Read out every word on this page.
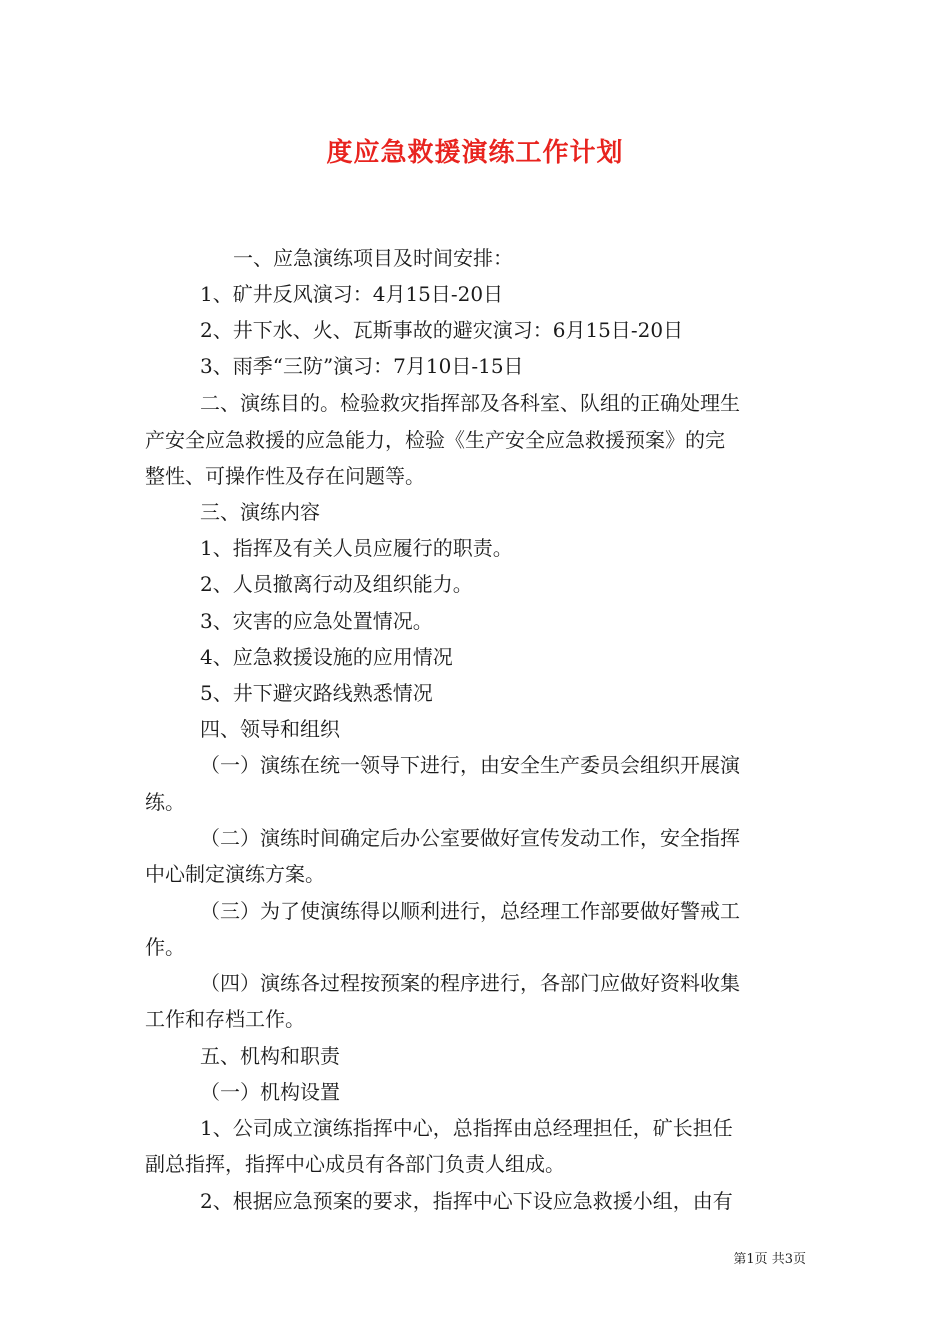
度应急救援演练工作计划
一、应急演练项目及时间安排：
1、矿井反风演习：4月15日-20日
2、井下水、火、瓦斯事故的避灾演习：6月15日-20日
3、雨季“三防”演习：7月10日-15日
二、演练目的。检验救灾指挥部及各科室、队组的正确处理生
产安全应急救援的应急能力，检验《生产安全应急救援预案》的完
整性、可操作性及存在问题等。
三、演练内容
1、指挥及有关人员应履行的职责。
2、人员撤离行动及组织能力。
3、灾害的应急处置情况。
4、应急救援设施的应用情况
5、井下避灾路线熟悉情况
四、领导和组织
（一）演练在统一领导下进行，由安全生产委员会组织开展演
练。
（二）演练时间确定后办公室要做好宣传发动工作，安全指挥
中心制定演练方案。
（三）为了使演练得以顺利进行，总经理工作部要做好警戒工
作。
（四）演练各过程按预案的程序进行，各部门应做好资料收集
工作和存档工作。
五、机构和职责
（一）机构设置
1、公司成立演练指挥中心，总指挥由总经理担任，矿长担任
副总指挥，指挥中心成员有各部门负责人组成。
2、根据应急预案的要求，指挥中心下设应急救援小组，由有
第1页 共3页
